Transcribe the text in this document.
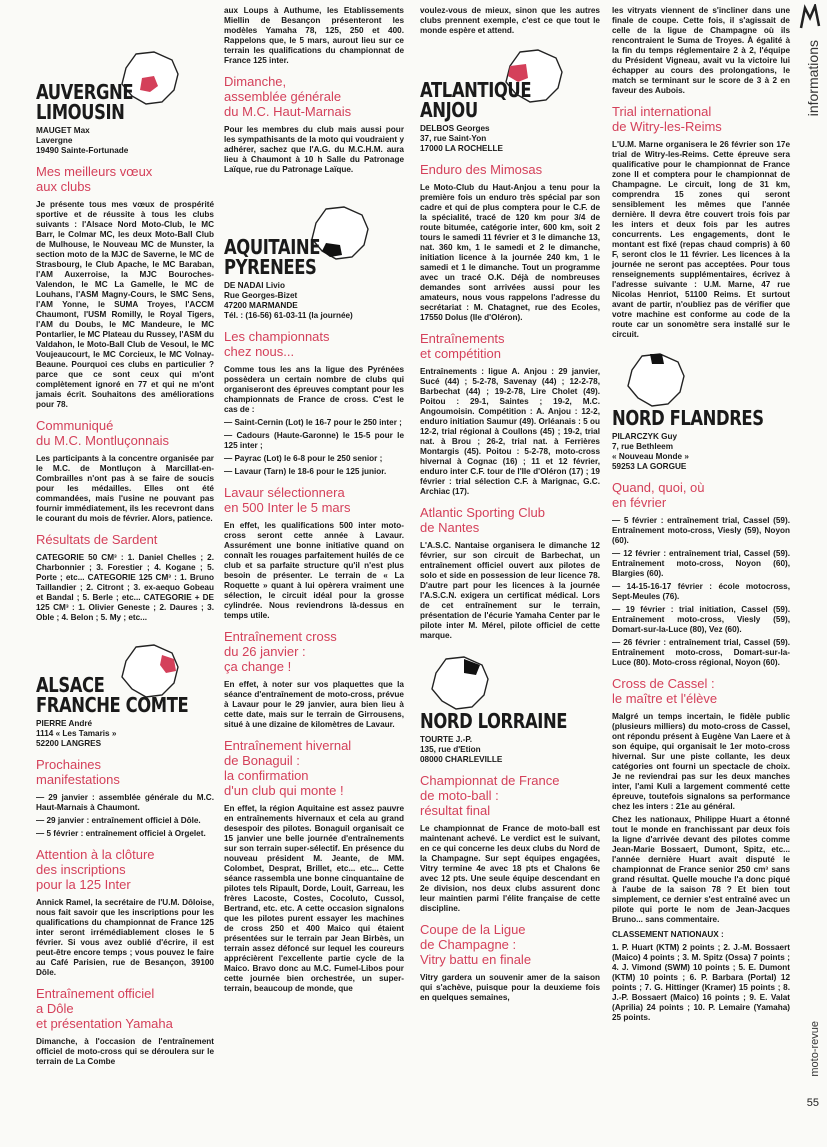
informations
moto-revue
55
AUVERGNE
LIMOUSIN
MAUGET Max
Lavergne
19490 Sainte-Fortunade
Mes meilleurs vœux
aux clubs

Je présente tous mes vœux de prospérité sportive et de réussite à tous les clubs suivants : l'Alsace Nord Moto-Club, le MC Barr, le Colmar MC, les deux Moto-Ball Club de Mulhouse, le Nouveau MC de Munster, la section moto de la MJC de Saverne, le MC de Strasbourg, le Club Apache, le MC Baraban, l'AM Auxerroise, la MJC Bouroches-Valendon, le MC La Gamelle, le MC de Louhans, l'ASM Magny-Cours, le SMC Sens, l'AM Yonne, le SUMA Troyes, l'ACCM Chaumont, l'USM Romilly, le Royal Tigers, l'AM du Doubs, le MC Mandeure, le MC Pontarlier, le MC Plateau du Russey, l'ASM du Valdahon, le Moto-Ball Club de Vesoul, le MC Voujeaucourt, le MC Corcieux, le MC Volnay-Beaune. Pourquoi ces clubs en particulier ? parce que ce sont ceux qui m'ont complètement ignoré en 77 et qui ne m'ont jamais écrit. Souhaitons des améliorations pour 78.

Communiqué
du M.C. Montluçonnais

Les participants à la concentre organisée par le M.C. de Montluçon à Marcillat-en-Combrailles n'ont pas à se faire de soucis pour les médailles. Elles ont été commandées, mais l'usine ne pouvant pas fournir immédiatement, ils les recevront dans le courant du mois de février. Alors, patience.

Résultats de Sardent

CATEGORIE 50 CM³ : 1. Daniel Chelles ; 2. Charbonnier ; 3. Forestier ; 4. Kogane ; 5. Porte ; etc... CATEGORIE 125 CM³ : 1. Bruno Taillandier ; 2. Citront ; 3. ex-aequo Gobeau et Bandal ; 5. Berle ; etc... CATEGORIE + DE 125 CM³ : 1. Olivier Geneste ; 2. Daures ; 3. Oble ; 4. Belon ; 5. My ; etc...

ALSACE
FRANCHE COMTE
PIERRE André
1114 « Les Tamaris »
52200 LANGRES
Prochaines
manifestations

— 29 janvier : assemblée générale du M.C. Haut-Marnais à Chaumont.

— 29 janvier : entraînement officiel à Dôle.

— 5 février : entraînement officiel à Orgelet.

Attention à la clôture
des inscriptions
pour la 125 Inter

Annick Ramel, la secrétaire de l'U.M. Dôloise, nous fait savoir que les inscriptions pour les qualifications du championnat de France 125 inter seront irrémédiablement closes le 5 février. Si vous avez oublié d'écrire, il est peut-être encore temps ; vous pouvez le faire au Café Parisien, rue de Besançon, 39100 Dôle.

Entraînement officiel
a Dôle
et présentation Yamaha

Dimanche, à l'occasion de l'entraînement officiel de moto-cross qui se déroulera sur le terrain de La Combe

aux Loups à Authume, les Etablissements Miellin de Besançon présenteront les modèles Yamaha 78, 125, 250 et 400. Rappelons que, le 5 mars, aurout lieu sur ce terrain les qualifications du championnat de France 125 inter.

Dimanche,
assemblée générale
du M.C. Haut-Marnais

Pour les membres du club mais aussi pour les sympathisants de la moto qui voudraient y adhérer, sachez que l'A.G. du M.C.H.M. aura lieu à Chaumont à 10 h Salle du Patronage Laïque, rue du Patronage Laïque.

AQUITAINE
PYRENEES
DE NADAI Livio
Rue Georges-Bizet
47200 MARMANDE
Tél. : (16-56) 61-03-11 (la journée)
Les championnats
chez nous...

Comme tous les ans la ligue des Pyrénées possèdera un certain nombre de clubs qui organiseront des épreuves comptant pour les championnats de France de cross. C'est le cas de :

— Saint-Cernin (Lot) le 16-7 pour le 250 inter ;

— Cadours (Haute-Garonne) le 15-5 pour le 125 inter ;

— Payrac (Lot) le 6-8 pour le 250 senior ;

— Lavaur (Tarn) le 18-6 pour le 125 junior.

Lavaur sélectionnera
en 500 Inter le 5 mars

En effet, les qualifications 500 inter moto-cross seront cette année à Lavaur. Assurément une bonne initiative quand on connaît les rouages parfaitement huilés de ce club et sa parfaite structure qu'il n'est plus besoin de présenter. Le terrain de « La Roquette » quant à lui opèrera vraiment une sélection, le circuit idéal pour la grosse cylindrée. Nous reviendrons là-dessus en temps utile.

Entraînement cross
du 26 janvier :
ça change !

En effet, à noter sur vos plaquettes que la séance d'entraînement de moto-cross, prévue à Lavaur pour le 29 janvier, aura bien lieu à cette date, mais sur le terrain de Girrousens, situé à une dizaine de kilomètres de Lavaur.

Entraînement hivernal
de Bonaguil :
la confirmation
d'un club qui monte !

En effet, la région Aquitaine est assez pauvre en entraînements hivernaux et cela au grand desespoir des pilotes. Bonaguil organisait ce 15 janvier une belle journée d'entraînements sur son terrain super-sélectif. En présence du nouveau président M. Jeante, de MM. Colombet, Desprat, Brillet, etc... etc... Cette séance rassembla une bonne cinquantaine de pilotes tels Ripault, Dorde, Louit, Garreau, les frères Lacoste, Costes, Cocoluto, Cussol, Bertrand, etc. etc. A cette occasion signalons que les pilotes purent essayer les machines de cross 250 et 400 Maico qui étaient présentées sur le terrain par Jean Birbès, un terrain assez défoncé sur lequel les coureurs apprécièrent l'excellente partie cycle de la Maico. Bravo donc au M.C. Fumel-Libos pour cette journée bien orchestrée, un super-terrain, beaucoup de monde, que

voulez-vous de mieux, sinon que les autres clubs prennent exemple, c'est ce que tout le monde espère et attend.

ATLANTIQUE
ANJOU
DELBOS Georges
37, rue Saint-Yon
17000 LA ROCHELLE
Enduro des Mimosas

Le Moto-Club du Haut-Anjou a tenu pour la première fois un enduro très spécial par son cadre et qui de plus comptera pour le C.F. de la spécialité, tracé de 120 km pour 3/4 de route bitumée, catégorie inter, 600 km, soit 2 tours le samedi 11 février et 3 le dimanche 13, nat. 360 km, 1 le samedi et 2 le dimanche, initiation licence à la journée 240 km, 1 le samedi et 1 le dimanche. Tout un programme avec un tracé O.K. Déjà de nombreuses demandes sont arrivées aussi pour les amateurs, nous vous rappelons l'adresse du secrétariat : M. Chatagnet, rue des Ecoles, 17550 Dolus (Ile d'Oléron).

Entraînements
et compétition

Entraînements : ligue A. Anjou : 29 janvier, Sucé (44) ; 5-2-78, Savenay (44) ; 12-2-78, Barbechat (44) ; 19-2-78, Lire Cholet (49). Poitou : 29-1, Saintes ; 19-2, M.C. Angoumoisin. Compétition : A. Anjou : 12-2, enduro initiation Saumur (49). Orléanais : 5 ou 12-2, trial régional à Coullons (45) ; 19-2, trial nat. à Brou ; 26-2, trial nat. à Ferrières Montargis (45). Poitou : 5-2-78, moto-cross hivernal à Cognac (16) ; 11 et 12 février, enduro inter C.F. tour de l'Ile d'Oléron (17) ; 19 février : trial sélection C.F. à Marignac, G.C. Archiac (17).

Atlantic Sporting Club
de Nantes

L'A.S.C. Nantaise organisera le dimanche 12 février, sur son circuit de Barbechat, un entraînement officiel ouvert aux pilotes de solo et side en possession de leur licence 78. D'autre part pour les licences à la journée l'A.S.C.N. exigera un certificat médical. Lors de cet entraînement sur le terrain, présentation de l'écurie Yamaha Center par le pilote inter M. Mérel, pilote officiel de cette marque.

NORD LORRAINE
TOURTE J.-P.
135, rue d'Etion
08000 CHARLEVILLE
Championnat de France
de moto-ball :
résultat final

Le championnat de France de moto-ball est maintenant achevé. Le verdict est le suivant, en ce qui concerne les deux clubs du Nord de la Champagne. Sur sept équipes engagées, Vitry termine 4e avec 18 pts et Chalons 6e avec 12 pts. Une seule équipe descendant en 2e division, nos deux clubs assurent donc leur maintien parmi l'élite française de cette discipline.

Coupe de la Ligue
de Champagne :
Vitry battu en finale

Vitry gardera un souvenir amer de la saison qui s'achève, puisque pour la deuxieme fois en quelques semaines,

les vitryats viennent de s'incliner dans une finale de coupe. Cette fois, il s'agissait de celle de la ligue de Champagne où ils rencontraient le Suma de Troyes. À égalité à la fin du temps réglementaire 2 à 2, l'équipe du Président Vigneau, avait vu la victoire lui échapper au cours des prolongations, le match se terminant sur le score de 3 à 2 en faveur des Aubois.

Trial international
de Witry-les-Reims

L'U.M. Marne organisera le 26 février son 17e trial de Witry-les-Reims. Cette épreuve sera qualificative pour le championnat de France zone II et comptera pour le championnat de Champagne. Le circuit, long de 31 km, comprendra 15 zones qui seront sensiblement les mêmes que l'année dernière. Il devra être couvert trois fois par les inters et deux fois par les autres concurrents. Les engagements, dont le montant est fixé (repas chaud compris) à 60 F, seront clos le 11 février. Les licences à la journée ne seront pas acceptées. Pour tous renseignements supplémentaires, écrivez à l'adresse suivante : U.M. Marne, 47 rue Nicolas Henriot, 51100 Reims. Et surtout avant de partir, n'oubliez pas de vérifier que votre machine est conforme au code de la route car un sonomètre sera installé sur le circuit.

NORD FLANDRES
PILARCZYK Guy
7, rue Bethleem
« Nouveau Monde »
59253 LA GORGUE
Quand, quoi, où
en février

— 5 février : entraînement trial, Cassel (59). Entraînement moto-cross, Viesly (59), Noyon (60).

— 12 février : entraînement trial, Cassel (59). Entraînement moto-cross, Noyon (60), Blargies (60).

— 14-15-16-17 février : école motocross, Sept-Meules (76).

— 19 février : trial initiation, Cassel (59). Entraînement moto-cross, Viesly (59), Domart-sur-la-Luce (80), Vez (60).

— 26 février : entraînement trial, Cassel (59). Entraînement moto-cross, Domart-sur-la-Luce (80). Moto-cross régional, Noyon (60).

Cross de Cassel :
le maître et l'élève

Malgré un temps incertain, le fidèle public (plusieurs milliers) du moto-cross de Cassel, ont répondu présent à Eugène Van Laere et à son équipe, qui organisait le 1er moto-cross hivernal. Sur une piste collante, les deux catégories ont fourni un spectacle de choix. Je ne reviendrai pas sur les deux manches inter, l'ami Kuli a largement commenté cette épreuve, toutefois signalons sa performance chez les inters : 21e au général.

Chez les nationaux, Philippe Huart a étonné tout le monde en franchissant par deux fois la ligne d'arrivée devant des pilotes comme Jean-Marie Bossaert, Dumont, Spitz, etc... l'année dernière Huart avait disputé le championnat de France senior 250 cm³ sans grand résultat. Quelle mouche l'a donc piqué à l'aube de la saison 78 ? Et bien tout simplement, ce dernier s'est entraîné avec un pilote qui porte le nom de Jean-Jacques Bruno... sans commentaire.

CLASSEMENT NATIONAUX :

1. P. Huart (KTM) 2 points ; 2. J.-M. Bossaert (Maico) 4 points ; 3. M. Spitz (Ossa) 7 points ; 4. J. Vimond (SWM) 10 points ; 5. E. Dumont (KTM) 10 points ; 6. P. Barbara (Portal) 12 points ; 7. G. Hittinger (Kramer) 15 points ; 8. J.-P. Bossaert (Maico) 16 points ; 9. E. Valat (Aprilia) 24 points ; 10. P. Lemaire (Yamaha) 25 points.
